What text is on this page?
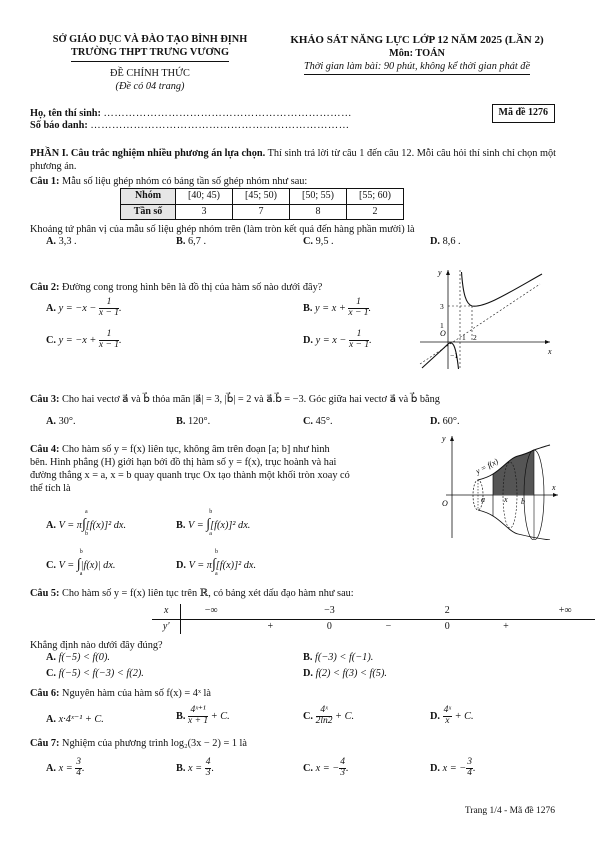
SỞ GIÁO DỤC VÀ ĐÀO TẠO BÌNH ĐỊNH
TRƯỜNG THPT TRƯNG VƯƠNG
ĐỀ CHÍNH THỨC
(Đề có 04 trang)
KHẢO SÁT NĂNG LỰC LỚP 12 NĂM 2025 (LẦN 2)
Môn: TOÁN
Thời gian làm bài: 90 phút, không kể thời gian phát đề
Họ, tên thí sinh: ……………………………………………………………
Số báo danh: ………………………………………………………………
Mã đề 1276
PHẦN I. Câu trắc nghiệm nhiều phương án lựa chọn. Thí sinh trả lời từ câu 1 đến câu 12. Mỗi câu hỏi thí sinh chỉ chọn một phương án.
Câu 1: Mẫu số liệu ghép nhóm có bảng tần số ghép nhóm như sau:
Nhóm	[40; 45)	[45; 50)	[50; 55)	[55; 60)
Tần số	3	7	8	2
Khoảng tứ phân vị của mẫu số liệu ghép nhóm trên (làm tròn kết quả đến hàng phần mười) là
A. 3,3 .	B. 6,7 .	C. 9,5 .	D. 8,6 .
Câu 2: Đường cong trong hình bên là đồ thị của hàm số nào dưới đây?
A. $y = -x - \frac{1}{x - 1}$ .	B. $y = x + \frac{1}{x - 1}$ .
C. $y = -x + \frac{1}{x - 1}$ .	D. $y = x - \frac{1}{x - 1}$ .
y
x
O
3
1
−1
1 2
Câu 3: Cho hai vectơ a⃗ và b⃗ thỏa mãn |a⃗| = 3, |b⃗| = 2 và a⃗.b⃗ = −3. Góc giữa hai vectơ a⃗ và b⃗ bằng
A. 30°.	B. 120°.	C. 45°.	D. 60°.
Câu 4: Cho hàm số y = f(x) liên tục, không âm trên đoạn [a; b] như hình
bên. Hình phẳng (H) giới hạn bởi đồ thị hàm số y = f(x), trục hoành và hai
đường thẳng x = a, x = b quay quanh trục Ox tạo thành một khối tròn xoay có
thể tích là
A. V = π∫
a
b
[f(x)]² dx.	B. V = ∫
b
a
[f(x)]² dx.
C. V = ∫
b
a
|f(x)| dx.	D. V = π∫
b
a
[f(x)]² dx.
y
x
O	a x b
y = f(x)
Câu 5: Cho hàm số y = f(x) liên tục trên ℝ, có bảng xét dấu đạo hàm như sau:
x	−∞		−3		2		+∞
y'		+	0	−	0	+	
Khẳng định nào dưới đây đúng?
A. f(−5) < f(0).	B. f(−3) < f(−1).
C. f(−5) < f(−3) < f(2).	D. f(2) < f(3) < f(5).
Câu 6: Nguyên hàm của hàm số f(x) = 4ˣ là
A. x·4ˣ⁻¹ + C.	B. $\frac{\text{4ˣ⁺¹}}{x + 1} + C$.	C. $\frac{\text{4ˣ}}{2\ln 2} + C$.	D. $\frac{\text{4ˣ}}{x} + C$.
Câu 7: Nghiệm của phương trình log₂(3x − 2) = 1 là
A. $x = \frac{3}{4}$ .	B. $x = \frac{4}{3}$ .	C. x = − $\frac{4}{3}$ .	D. x = − $\frac{3}{4}$ .
Trang 1/4 - Mã đề 1276
